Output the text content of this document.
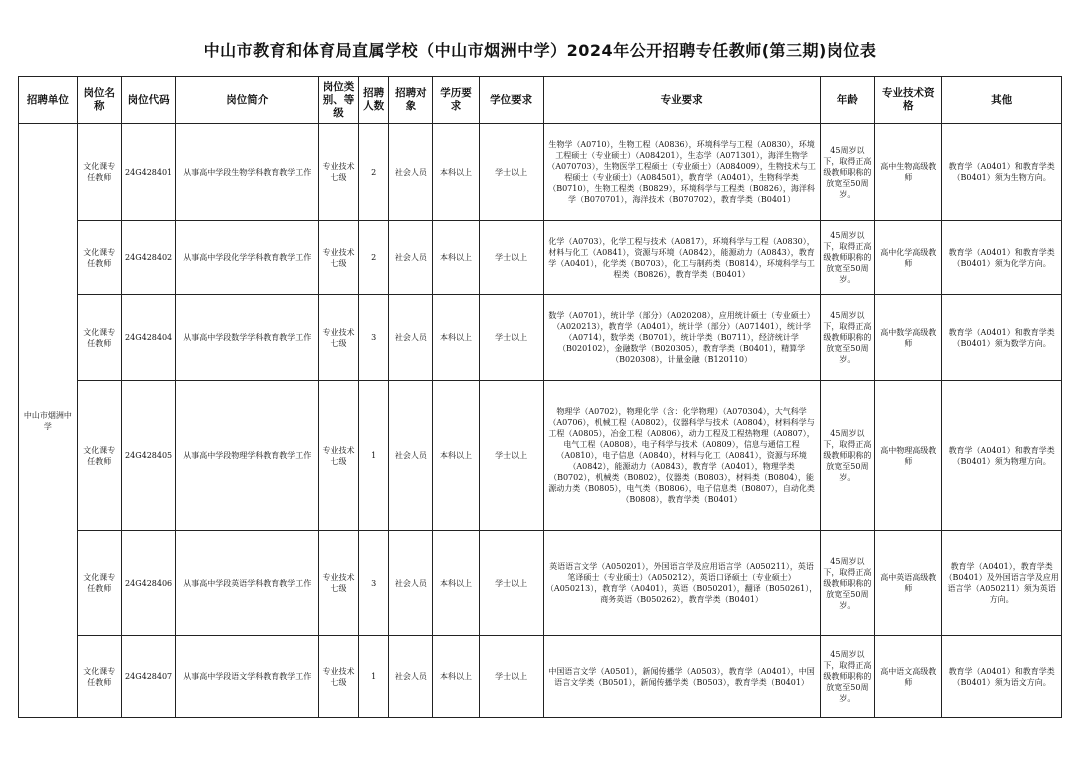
中山市教育和体育局直属学校（中山市烟洲中学）2024年公开招聘专任教师(第三期)岗位表
招聘单位	岗位名称	岗位代码	岗位简介	岗位类别、等级	招聘人数	招聘对象	学历要求	学位要求	专业要求	年龄	专业技术资格	其他
中山市烟洲中学	文化课专任教师	24G428401	从事高中学段生物学科教育教学工作	专业技术七级	2	社会人员	本科以上	学士以上	生物学（A0710），生物工程（A0836），环境科学与工程（A0830），环境工程硕士（专业硕士）（A084201），生态学（A071301），海洋生物学（A070703），生物医学工程硕士（专业硕士）（A084009），生物技术与工程硕士（专业硕士）（A084501），教育学（A0401），生物科学类（B0710），生物工程类（B0829），环境科学与工程类（B0826），海洋科学（B070701），海洋技术（B070702），教育学类（B0401）	45周岁以下，取得正高级教师职称的放宽至50周岁。	高中生物高级教师	教育学（A0401）和教育学类（B0401）须为生物方向。
	文化课专任教师	24G428402	从事高中学段化学学科教育教学工作	专业技术七级	2	社会人员	本科以上	学士以上	化学（A0703），化学工程与技术（A0817），环境科学与工程（A0830），材料与化工（A0841），资源与环境（A0842），能源动力（A0843），教育学（A0401），化学类（B0703），化工与制药类（B0814），环境科学与工程类（B0826），教育学类（B0401）	45周岁以下，取得正高级教师职称的放宽至50周岁。	高中化学高级教师	教育学（A0401）和教育学类（B0401）须为化学方向。
	文化课专任教师	24G428404	从事高中学段数学学科教育教学工作	专业技术七级	3	社会人员	本科以上	学士以上	数学（A0701），统计学（部分）（A020208），应用统计硕士（专业硕士）（A020213），教育学（A0401），统计学（部分）（A071401），统计学（A0714），数学类（B0701），统计学类（B0711），经济统计学（B020102），金融数学（B020305），教育学类（B0401），精算学（B020308），计量金融（B120110）	45周岁以下，取得正高级教师职称的放宽至50周岁。	高中数学高级教师	教育学（A0401）和教育学类（B0401）须为数学方向。
	文化课专任教师	24G428405	从事高中学段物理学科教育教学工作	专业技术七级	1	社会人员	本科以上	学士以上	物理学（A0702），物理化学（含：化学物理）（A070304），大气科学（A0706），机械工程（A0802），仪器科学与技术（A0804），材料科学与工程（A0805），冶金工程（A0806），动力工程及工程热物理（A0807），电气工程（A0808），电子科学与技术（A0809），信息与通信工程（A0810），电子信息（A0840），材料与化工（A0841），资源与环境（A0842），能源动力（A0843），教育学（A0401），物理学类（B0702），机械类（B0802），仪器类（B0803），材料类（B0804），能源动力类（B0805），电气类（B0806），电子信息类（B0807），自动化类（B0808），教育学类（B0401）	45周岁以下，取得正高级教师职称的放宽至50周岁。	高中物理高级教师	教育学（A0401）和教育学类（B0401）须为物理方向。
	文化课专任教师	24G428406	从事高中学段英语学科教育教学工作	专业技术七级	3	社会人员	本科以上	学士以上	英语语言文学（A050201），外国语言学及应用语言学（A050211），英语笔译硕士（专业硕士）（A050212），英语口译硕士（专业硕士）（A050213），教育学（A0401），英语（B050201），翻译（B050261），商务英语（B050262），教育学类（B0401）	45周岁以下，取得正高级教师职称的放宽至50周岁。	高中英语高级教师	教育学（A0401），教育学类（B0401）及外国语言学及应用语言学（A050211）须为英语方向。
	文化课专任教师	24G428407	从事高中学段语文学科教育教学工作	专业技术七级	1	社会人员	本科以上	学士以上	中国语言文学（A0501），新闻传播学（A0503），教育学（A0401），中国语言文学类（B0501），新闻传播学类（B0503），教育学类（B0401）	45周岁以下，取得正高级教师职称的放宽至50周岁。	高中语文高级教师	教育学（A0401）和教育学类（B0401）须为语文方向。
